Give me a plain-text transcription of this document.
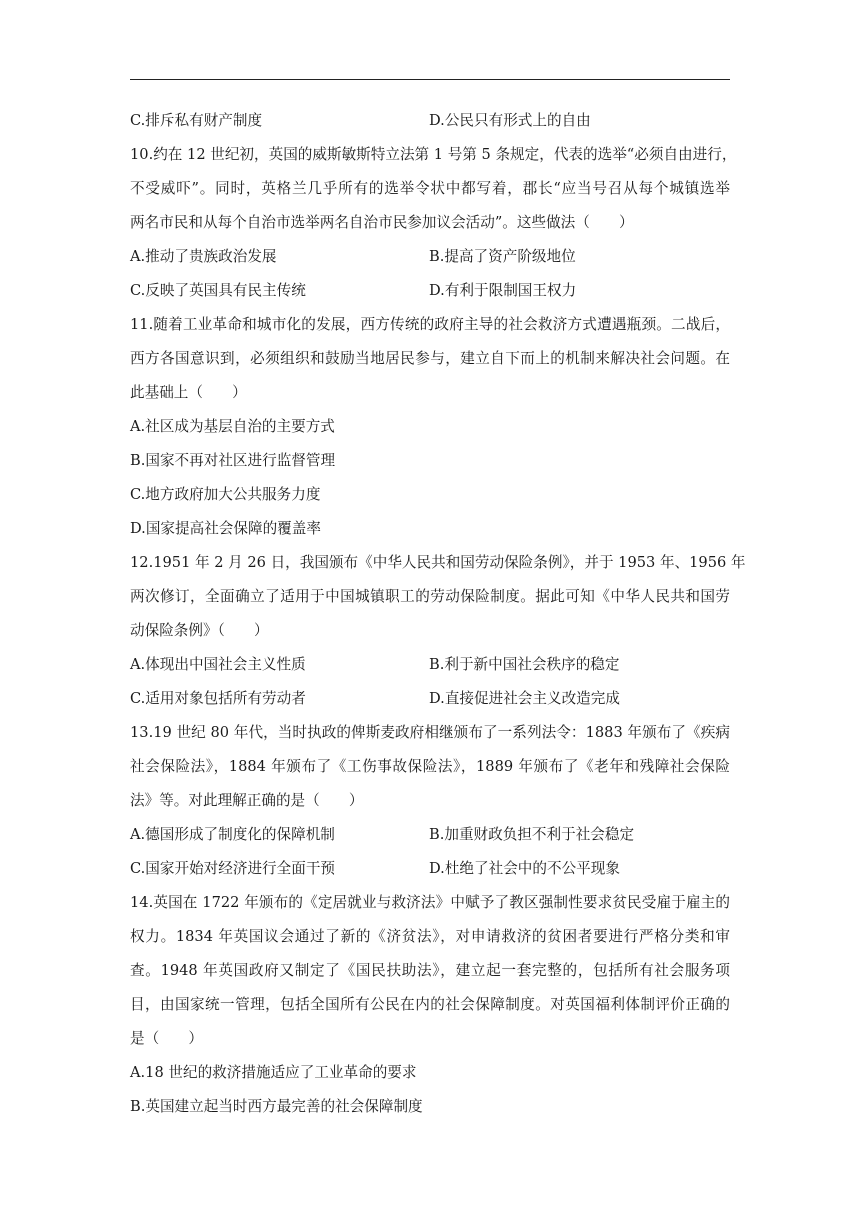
C.排斥私有财产制度	D.公民只有形式上的自由
10.约在 12 世纪初，英国的威斯敏斯特立法第 1 号第 5 条规定，代表的选举“必须自由进行，
不受威吓”。同时，英格兰几乎所有的选举令状中都写着，郡长“应当号召从每个城镇选举
两名市民和从每个自治市选举两名自治市民参加议会活动”。这些做法（　　）
A.推动了贵族政治发展	B.提高了资产阶级地位
C.反映了英国具有民主传统	D.有利于限制国王权力
11.随着工业革命和城市化的发展，西方传统的政府主导的社会救济方式遭遇瓶颈。二战后，
西方各国意识到，必须组织和鼓励当地居民参与，建立自下而上的机制来解决社会问题。在
此基础上（　　）
A.社区成为基层自治的主要方式
B.国家不再对社区进行监督管理
C.地方政府加大公共服务力度
D.国家提高社会保障的覆盖率
12.1951 年 2 月 26 日，我国颁布《中华人民共和国劳动保险条例》，并于 1953 年、1956 年
两次修订，全面确立了适用于中国城镇职工的劳动保险制度。据此可知《中华人民共和国劳
动保险条例》（　　）
A.体现出中国社会主义性质	B.利于新中国社会秩序的稳定
C.适用对象包括所有劳动者	D.直接促进社会主义改造完成
13.19 世纪 80 年代，当时执政的俾斯麦政府相继颁布了一系列法令：1883 年颁布了《疾病
社会保险法》，1884 年颁布了《工伤事故保险法》，1889 年颁布了《老年和残障社会保险
法》等。对此理解正确的是（　　）
A.德国形成了制度化的保障机制	B.加重财政负担不利于社会稳定
C.国家开始对经济进行全面干预	D.杜绝了社会中的不公平现象
14.英国在 1722 年颁布的《定居就业与救济法》中赋予了教区强制性要求贫民受雇于雇主的
权力。1834 年英国议会通过了新的《济贫法》，对申请救济的贫困者要进行严格分类和审
查。1948 年英国政府又制定了《国民扶助法》，建立起一套完整的，包括所有社会服务项
目，由国家统一管理，包括全国所有公民在内的社会保障制度。对英国福利体制评价正确的
是（　　）
A.18 世纪的救济措施适应了工业革命的要求
B.英国建立起当时西方最完善的社会保障制度
